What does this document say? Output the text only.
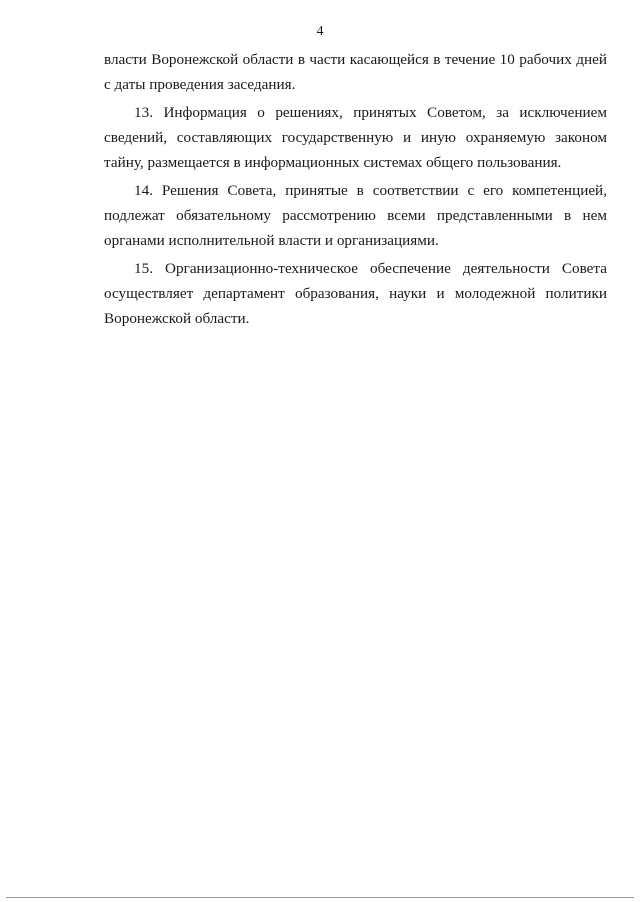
4

власти Воронежской области в части касающейся в течение 10 рабочих дней с даты проведения заседания.

13. Информация о решениях, принятых Советом, за исключением сведений, составляющих государственную и иную охраняемую законом тайну, размещается в информационных системах общего пользования.

14. Решения Совета, принятые в соответствии с его компетенцией, подлежат обязательному рассмотрению всеми представленными в нем органами исполнительной власти и организациями.

15. Организационно-техническое обеспечение деятельности Совета осуществляет департамент образования, науки и молодежной политики Воронежской области.
